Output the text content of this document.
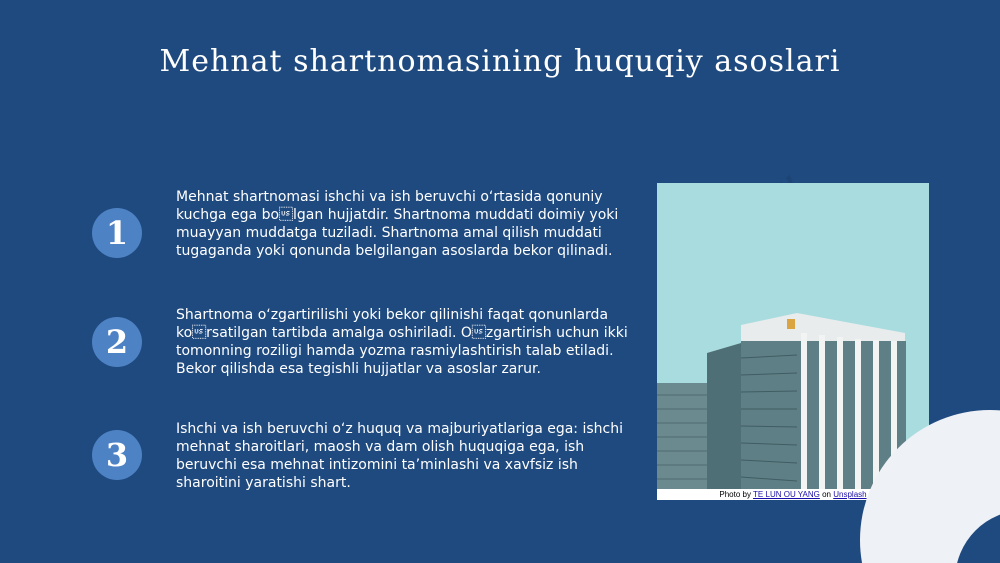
Mehnat shartnomasining huquqiy asoslari
1
Mehnat shartnomasi ishchi va ish beruvchi o‘rtasida qonuniy kuchga ega bolgan hujjatdir. Shartnoma muddati doimiy yoki muayyan muddatga tuziladi. Shartnoma amal qilish muddati tugaganda yoki qonunda belgilangan asoslarda bekor qilinadi.
2
Shartnoma o‘zgartirilishi yoki bekor qilinishi faqat qonunlarda korsatilgan tartibda amalga oshiriladi. Ozgartirish uchun ikki tomonning roziligi hamda yozma rasmiylashtirish talab etiladi. Bekor qilishda esa tegishli hujjatlar va asoslar zarur.
3
Ishchi va ish beruvchi o‘z huquq va majburiyatlariga ega: ishchi mehnat sharoitlari, maosh va dam olish huquqiga ega, ish beruvchi esa mehnat intizomini ta’minlashi va xavfsiz ish sharoitini yaratishi shart.
Photo by TE LUN OU YANG on Unsplash
